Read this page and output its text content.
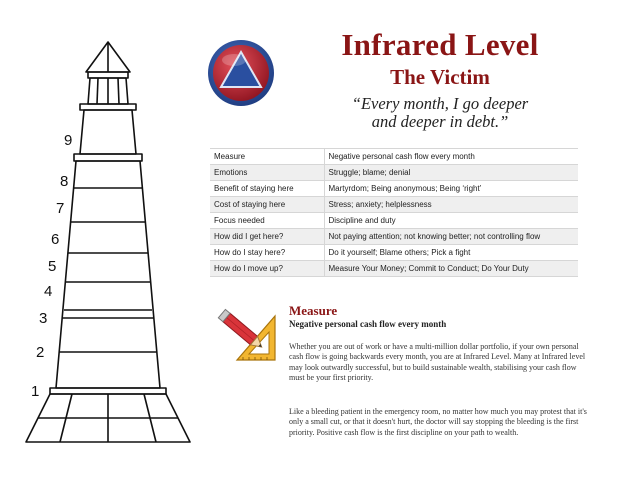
1
2
3
4
5
6
7
8
9
Infrared Level
The Victim
“Every month, I go deeper
and deeper in debt.”
Measure	Negative personal cash flow every month
Emotions	Struggle; blame; denial
Benefit of staying here	Martyrdom; Being anonymous; Being ‘right’
Cost of staying here	Stress; anxiety; helplessness
Focus needed	Discipline and duty
How did I get here?	Not paying attention; not knowing better; not controlling flow
How do I stay here?	Do it yourself; Blame others; Pick a fight
How do I move up?	Measure Your Money; Commit to Conduct; Do Your Duty
Measure
Negative personal cash flow every month

Whether you are out of work or have a multi-million dollar portfolio, if your own personal cash flow is going backwards every month, you are at Infrared Level. Many at Infrared level may look outwardly successful, but to build sustainable wealth, stabilising your cash flow must be your first priority.

Like a bleeding patient in the emergency room, no matter how much you may protest that it's only a small cut, or that it doesn't hurt, the doctor will say stopping the bleeding is the first priority. Positive cash flow is the first discipline on your path to wealth.
